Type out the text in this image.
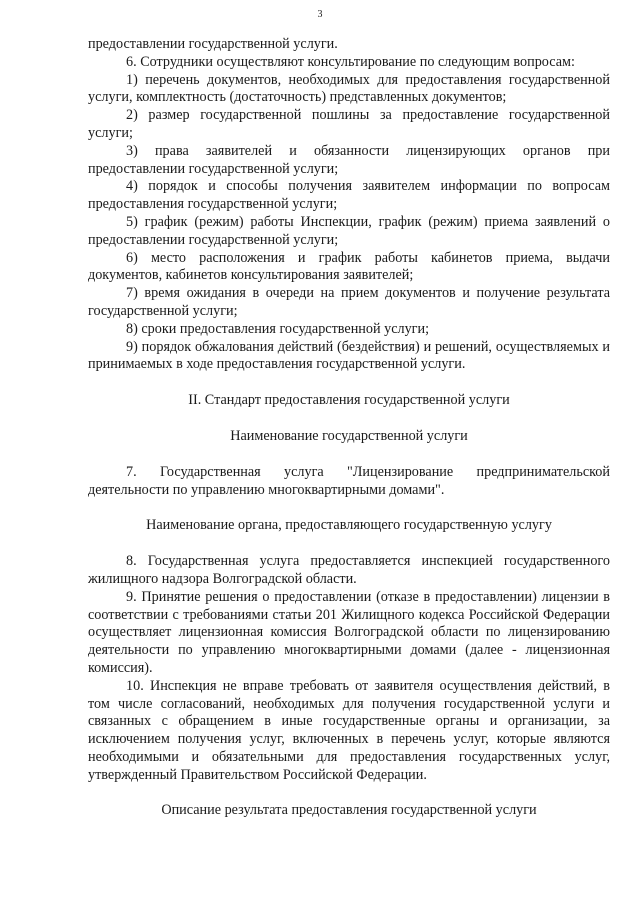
3

предоставлении государственной услуги.

6. Сотрудники осуществляют консультирование по следующим вопросам:

1) перечень документов, необходимых для предоставления государственной услуги, комплектность (достаточность) представленных документов;

2) размер государственной пошлины за предоставление государственной услуги;

3) права заявителей и обязанности лицензирующих органов при предоставлении государственной услуги;

4) порядок и способы получения заявителем информации по вопросам предоставления государственной услуги;

5) график (режим) работы Инспекции, график (режим) приема заявлений о предоставлении государственной услуги;

6) место расположения и график работы кабинетов приема, выдачи документов, кабинетов консультирования заявителей;

7) время ожидания в очереди на прием документов и получение результата государственной услуги;

8) сроки предоставления государственной услуги;

9) порядок обжалования действий (бездействия) и решений, осуществляемых и принимаемых в ходе предоставления государственной услуги.

II. Стандарт предоставления государственной услуги

Наименование государственной услуги

7. Государственная услуга "Лицензирование предпринимательской деятельности по управлению многоквартирными домами".

Наименование органа, предоставляющего государственную услугу

8. Государственная услуга предоставляется инспекцией государственного жилищного надзора Волгоградской области.

9. Принятие решения о предоставлении (отказе в предоставлении) лицензии в соответствии с требованиями статьи 201 Жилищного кодекса Российской Федерации осуществляет лицензионная комиссия Волгоградской области по лицензированию деятельности по управлению многоквартирными домами (далее - лицензионная комиссия).

10. Инспекция не вправе требовать от заявителя осуществления действий, в том числе согласований, необходимых для получения государственной услуги и связанных с обращением в иные государственные органы и организации, за исключением получения услуг, включенных в перечень услуг, которые являются необходимыми и обязательными для предоставления государственных услуг, утвержденный Правительством Российской Федерации.

Описание результата предоставления государственной услуги
